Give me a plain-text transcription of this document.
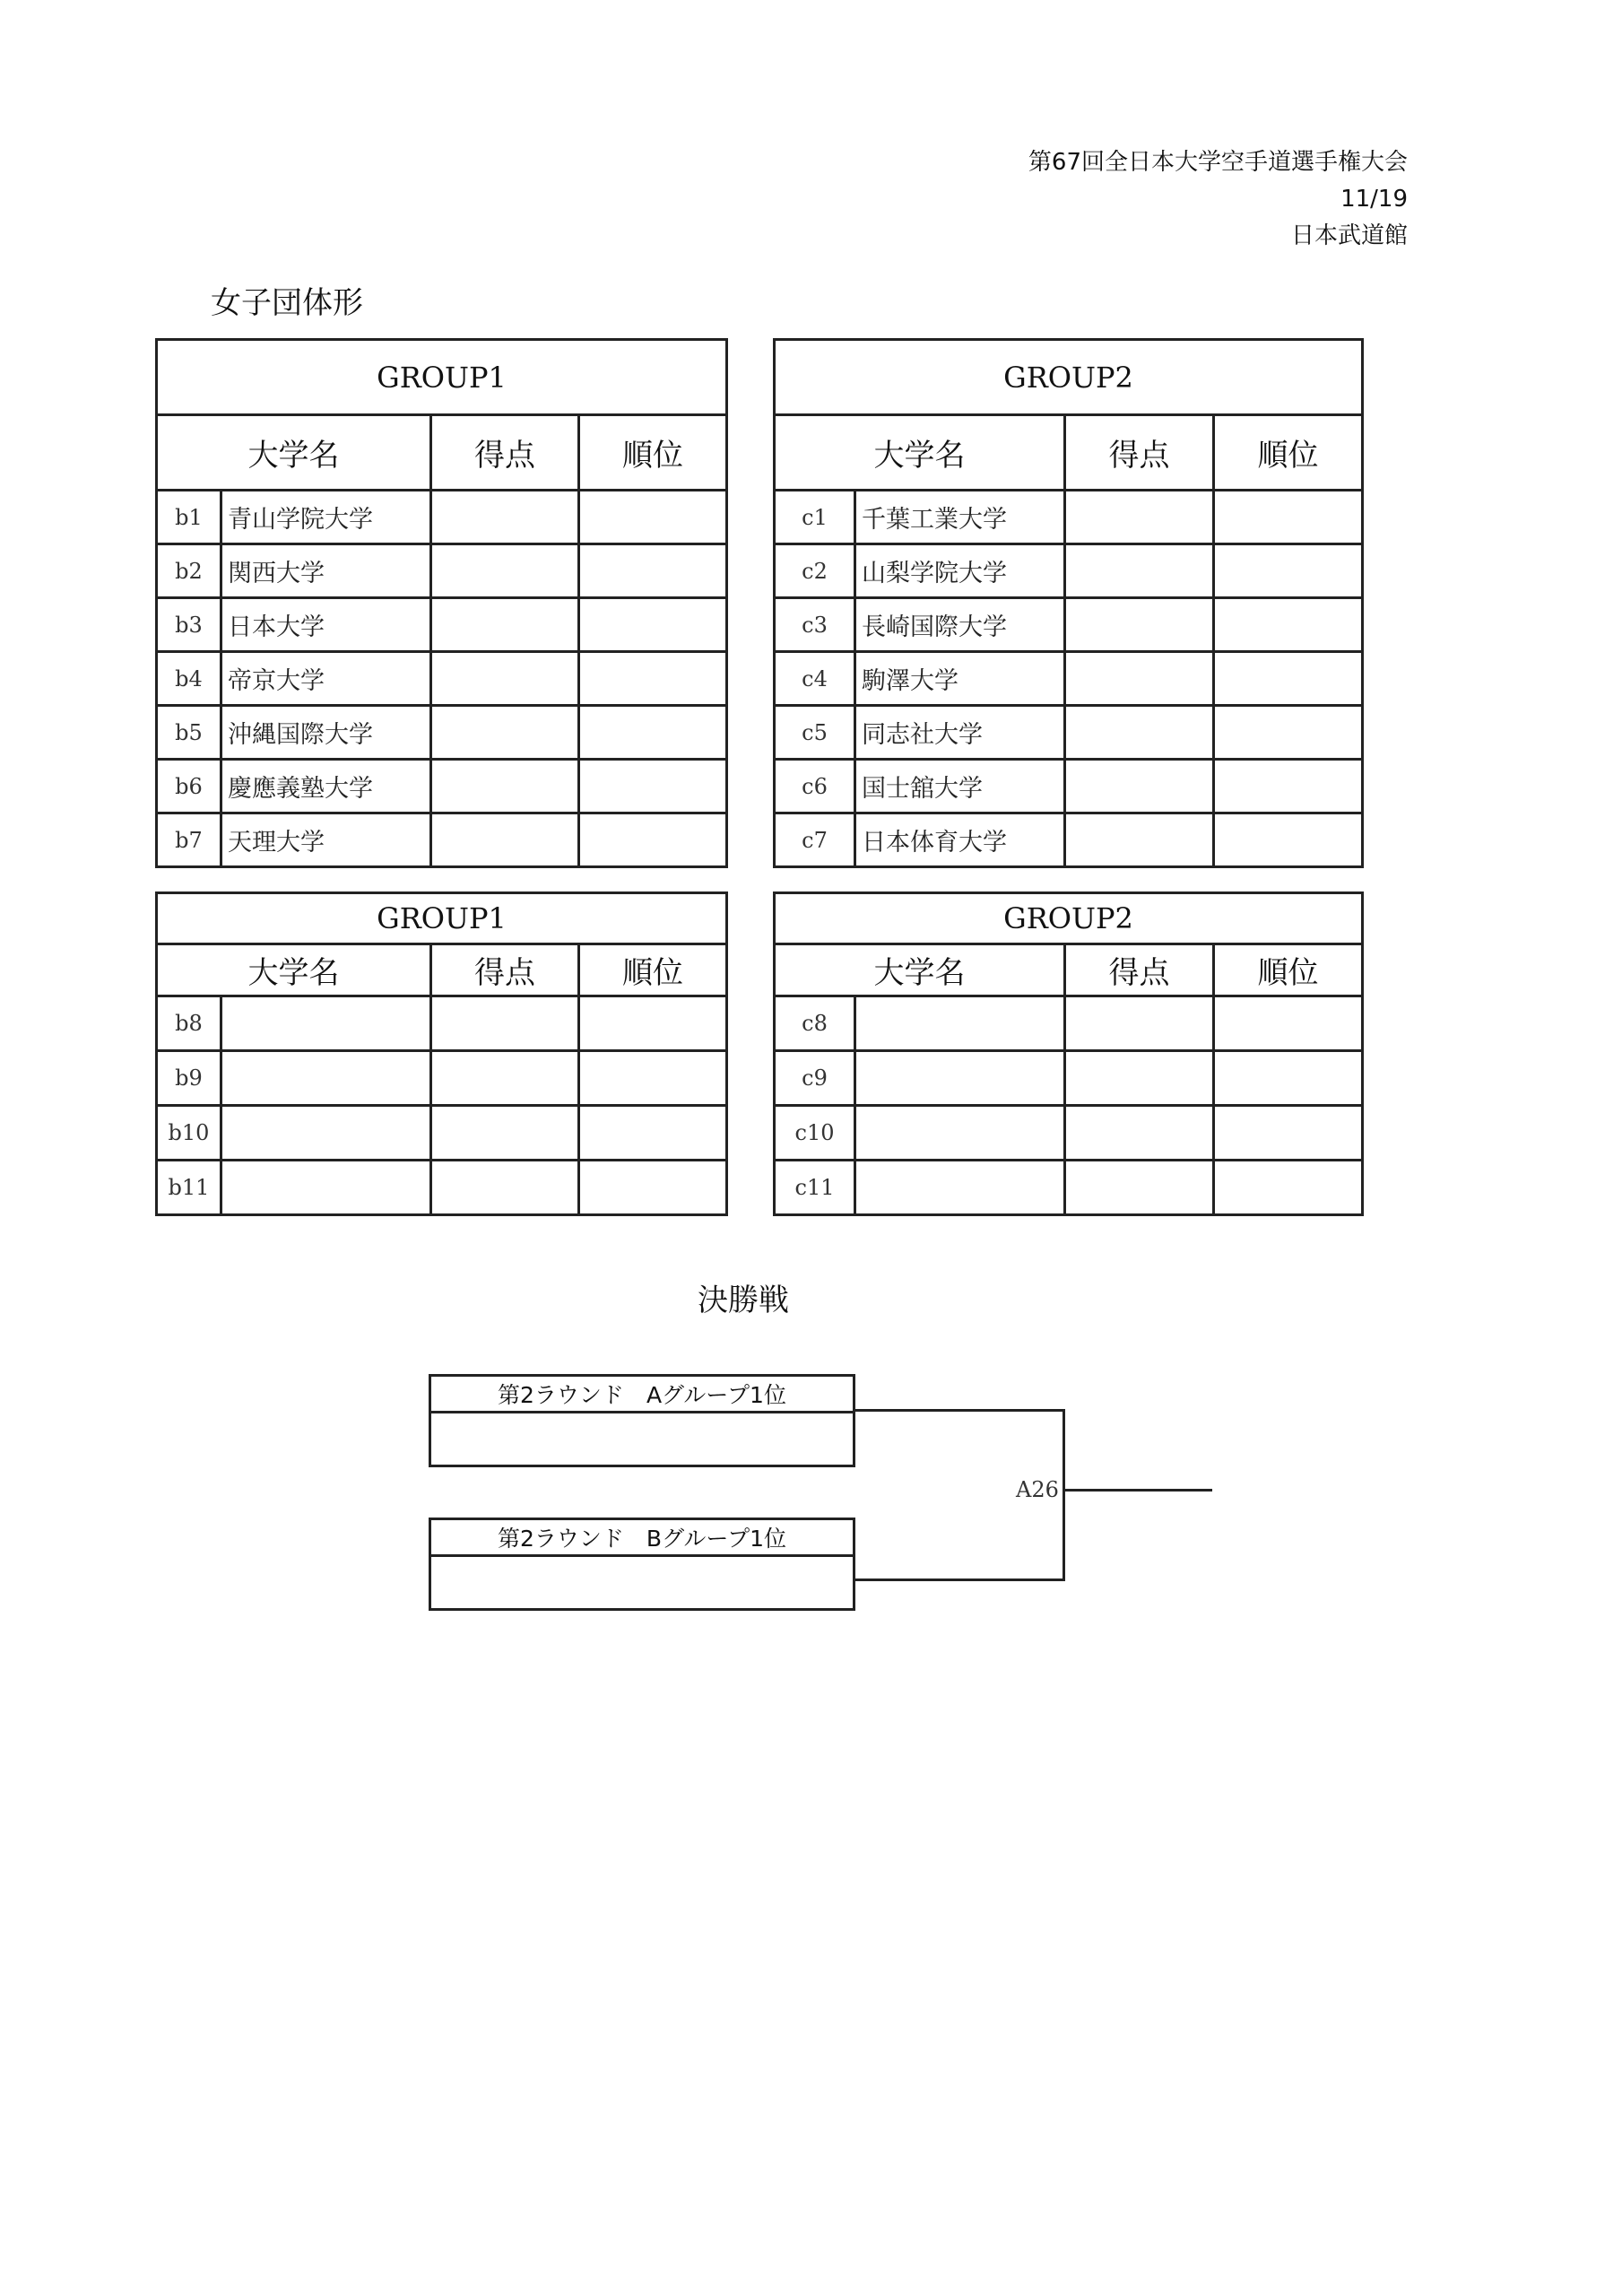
第67回全日本大学空手道選手権大会
11/19
日本武道館
女子団体形
GROUP1			
大学名		得点	順位
b1	青山学院大学		
b2	関西大学		
b3	日本大学		
b4	帝京大学		
b5	沖縄国際大学		
b6	慶應義塾大学		
b7	天理大学		
GROUP2			
大学名		得点	順位
c1	千葉工業大学		
c2	山梨学院大学		
c3	長崎国際大学		
c4	駒澤大学		
c5	同志社大学		
c6	国士舘大学		
c7	日本体育大学		
GROUP1			
大学名		得点	順位
b8			
b9			
b10			
b11			
GROUP2			
大学名		得点	順位
c8			
c9			
c10			
c11			
決勝戦
第2ラウンド　Aグループ1位
第2ラウンド　Bグループ1位
A26
